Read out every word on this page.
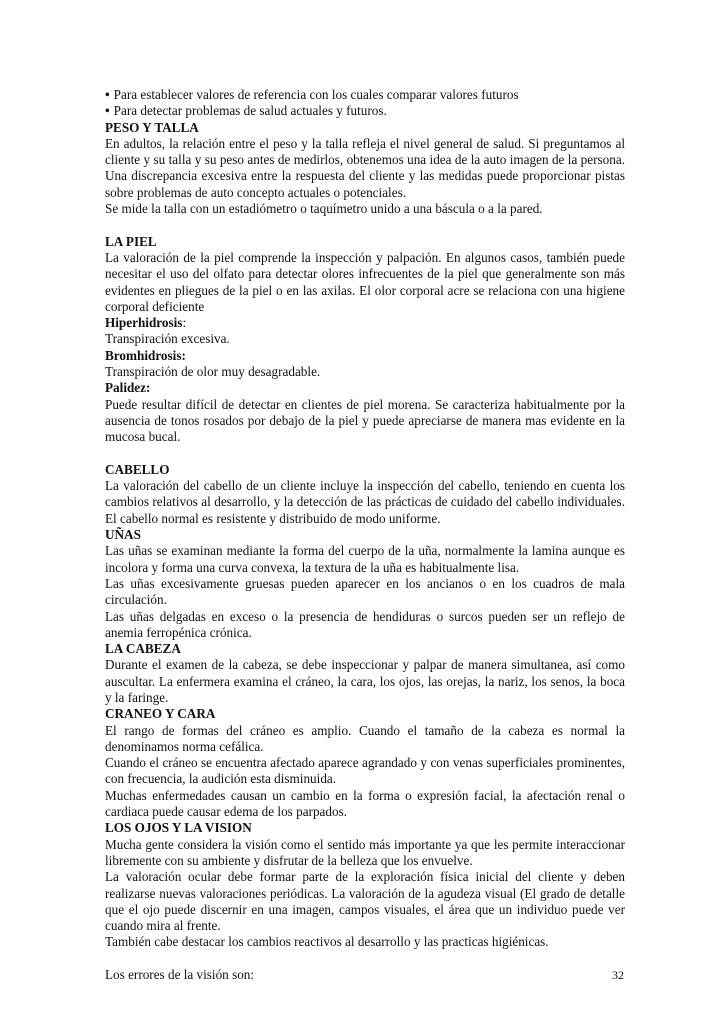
• Para establecer valores de referencia con los cuales comparar valores futuros

• Para detectar problemas de salud actuales y futuros.

PESO Y TALLA

En adultos, la relación entre el peso y la talla refleja el nivel general de salud. Si preguntamos al cliente y su talla y su peso antes de medirlos, obtenemos una idea de la auto imagen de la persona. Una discrepancia excesiva entre la respuesta del cliente y las medidas puede proporcionar pistas sobre problemas de auto concepto actuales o potenciales.

Se mide la talla con un estadiómetro o taquímetro unido a una báscula o a la pared.

LA PIEL

La valoración de la piel comprende la inspección y palpación. En algunos casos, también puede necesitar el uso del olfato para detectar olores infrecuentes de la piel que generalmente son más evidentes en pliegues de la piel o en las axilas. El olor corporal acre se relaciona con una higiene corporal deficiente

Hiperhidrosis:

Transpiración excesiva.

Bromhidrosis:

Transpiración de olor muy desagradable.

Palidez:

Puede resultar difícil de detectar en clientes de piel morena. Se caracteriza habitualmente por la ausencia de tonos rosados por debajo de la piel y puede apreciarse de manera mas evidente en la mucosa bucal.

CABELLO

La valoración del cabello de un cliente incluye la inspección del cabello, teniendo en cuenta los cambios relativos al desarrollo, y la detección de las prácticas de cuidado del cabello individuales. El cabello normal es resistente y distribuido de modo uniforme.

UÑAS

Las uñas se examinan mediante la forma del cuerpo de la uña, normalmente la lamina aunque es incolora y forma una curva convexa, la textura de la uña es habitualmente lisa.

Las uñas excesivamente gruesas pueden aparecer en los ancianos o en los cuadros de mala circulación.

Las uñas delgadas en exceso o la presencia de hendiduras o surcos pueden ser un reflejo de anemia ferropénica crónica.

LA CABEZA

Durante el examen de la cabeza, se debe inspeccionar y palpar de manera simultanea, así como auscultar. La enfermera examina el cráneo, la cara, los ojos, las orejas, la nariz, los senos, la boca y la faringe.

CRANEO Y CARA

El rango de formas del cráneo es amplio. Cuando el tamaño de la cabeza es normal la denominamos norma cefálica.

Cuando el cráneo se encuentra afectado aparece agrandado y con venas superficiales prominentes, con frecuencia, la audición esta disminuida.

Muchas enfermedades causan un cambio en la forma o expresión facial, la afectación renal o cardiaca puede causar edema de los parpados.

LOS OJOS Y LA VISION

Mucha gente considera la visión como el sentido más importante ya que les permite interaccionar libremente con su ambiente y disfrutar de la belleza que los envuelve.

La valoración ocular debe formar parte de la exploración física inicial del cliente y deben realizarse nuevas valoraciones periódicas. La valoración de la agudeza visual (El grado de detalle que el ojo puede discernir en una imagen, campos visuales, el área que un individuo puede ver cuando mira al frente.

También cabe destacar los cambios reactivos al desarrollo y las practicas higiénicas.

Los errores de la visión son:	32
